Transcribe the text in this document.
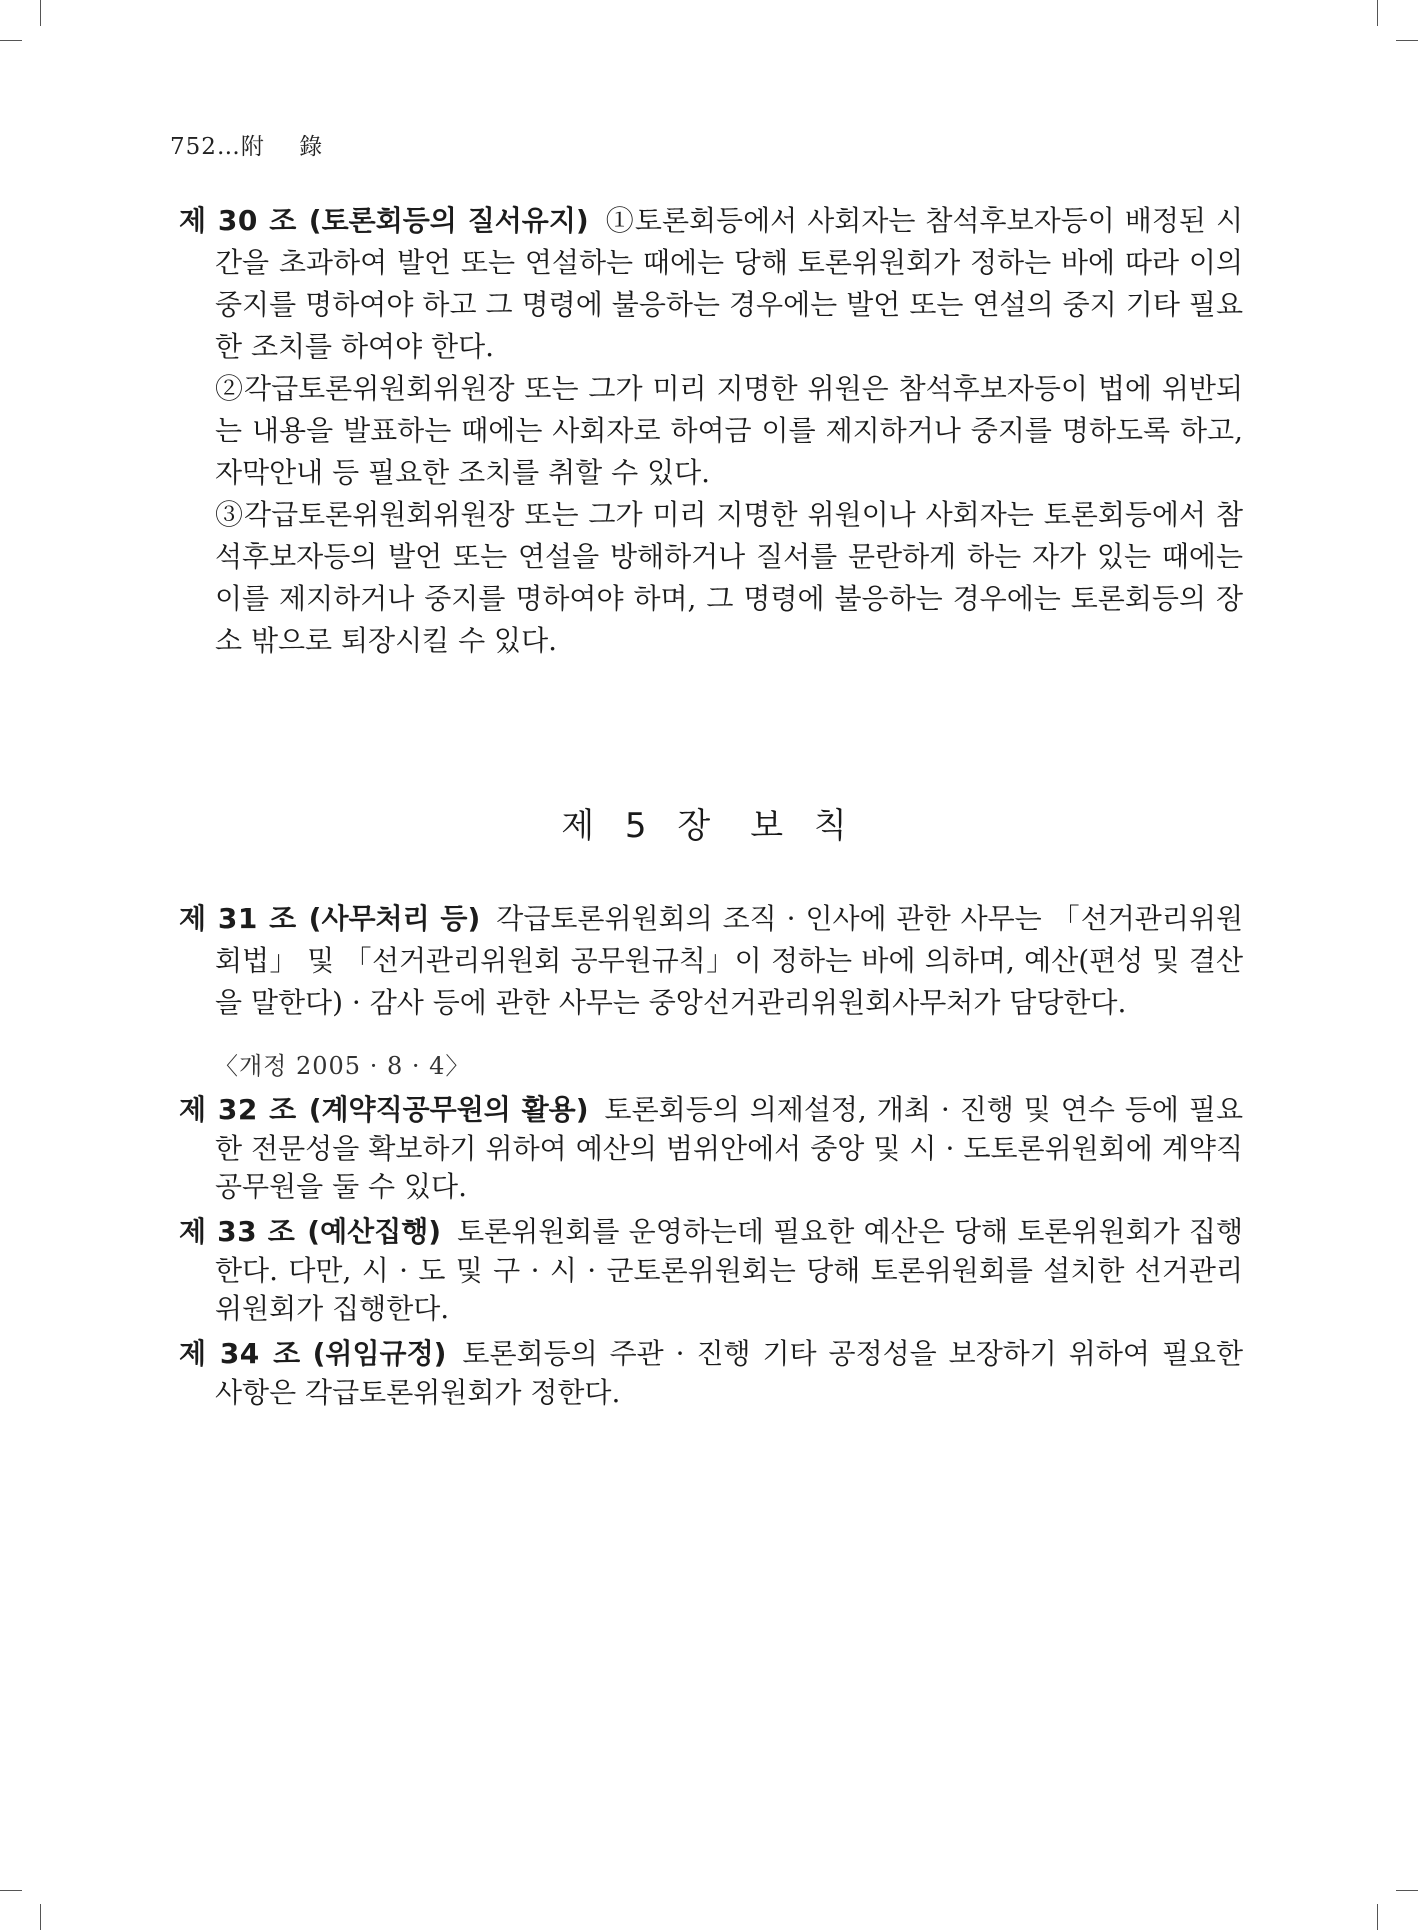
752…附 錄
제 30 조 (토론회등의 질서유지) ①토론회등에서 사회자는 참석후보자등이 배정된 시간을 초과하여 발언 또는 연설하는 때에는 당해 토론위원회가 정하는 바에 따라 이의 중지를 명하여야 하고 그 명령에 불응하는 경우에는 발언 또는 연설의 중지 기타 필요한 조치를 하여야 한다.
②각급토론위원회위원장 또는 그가 미리 지명한 위원은 참석후보자등이 법에 위반되는 내용을 발표하는 때에는 사회자로 하여금 이를 제지하거나 중지를 명하도록 하고, 자막안내 등 필요한 조치를 취할 수 있다.
③각급토론위원회위원장 또는 그가 미리 지명한 위원이나 사회자는 토론회등에서 참석후보자등의 발언 또는 연설을 방해하거나 질서를 문란하게 하는 자가 있는 때에는 이를 제지하거나 중지를 명하여야 하며, 그 명령에 불응하는 경우에는 토론회등의 장소 밖으로 퇴장시킬 수 있다.
제 5 장 보 칙
제 31 조 (사무처리 등) 각급토론위원회의 조직 · 인사에 관한 사무는 「선거관리위원회법」 및 「선거관리위원회 공무원규칙」이 정하는 바에 의하며, 예산(편성 및 결산을 말한다) · 감사 등에 관한 사무는 중앙선거관리위원회사무처가 담당한다.
〈개정 2005 · 8 · 4〉
제 32 조 (계약직공무원의 활용) 토론회등의 의제설정, 개최 · 진행 및 연수 등에 필요한 전문성을 확보하기 위하여 예산의 범위안에서 중앙 및 시 · 도토론위원회에 계약직공무원을 둘 수 있다.
제 33 조 (예산집행) 토론위원회를 운영하는데 필요한 예산은 당해 토론위원회가 집행한다. 다만, 시 · 도 및 구 · 시 · 군토론위원회는 당해 토론위원회를 설치한 선거관리위원회가 집행한다.
제 34 조 (위임규정) 토론회등의 주관 · 진행 기타 공정성을 보장하기 위하여 필요한 사항은 각급토론위원회가 정한다.
